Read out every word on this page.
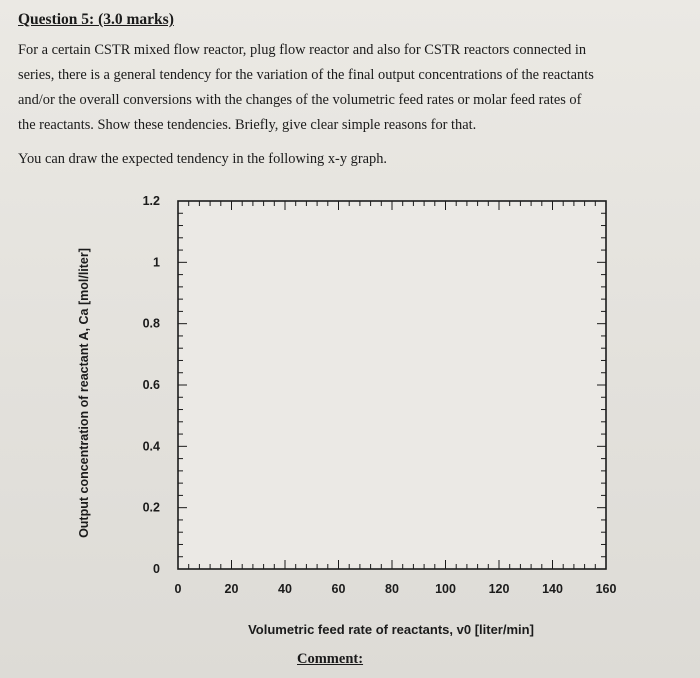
Question 5: (3.0 marks)

For a certain CSTR mixed flow reactor, plug flow reactor and also for CSTR reactors connected in
series, there is a general tendency for the variation of the final output concentrations of the reactants
and/or the overall conversions with the changes of the volumetric feed rates or molar feed rates of
the reactants. Show these tendencies. Briefly, give clear simple reasons for that.

You can draw the expected tendency in the following x-y graph.

0
0.2
0.4
0.6
0.8
1
1.2
0	20	40	60	80	100	120	140	160
Output concentration of reactant A, Ca [mol/liter]
Volumetric feed rate of reactants, v0 [liter/min]
Comment:
